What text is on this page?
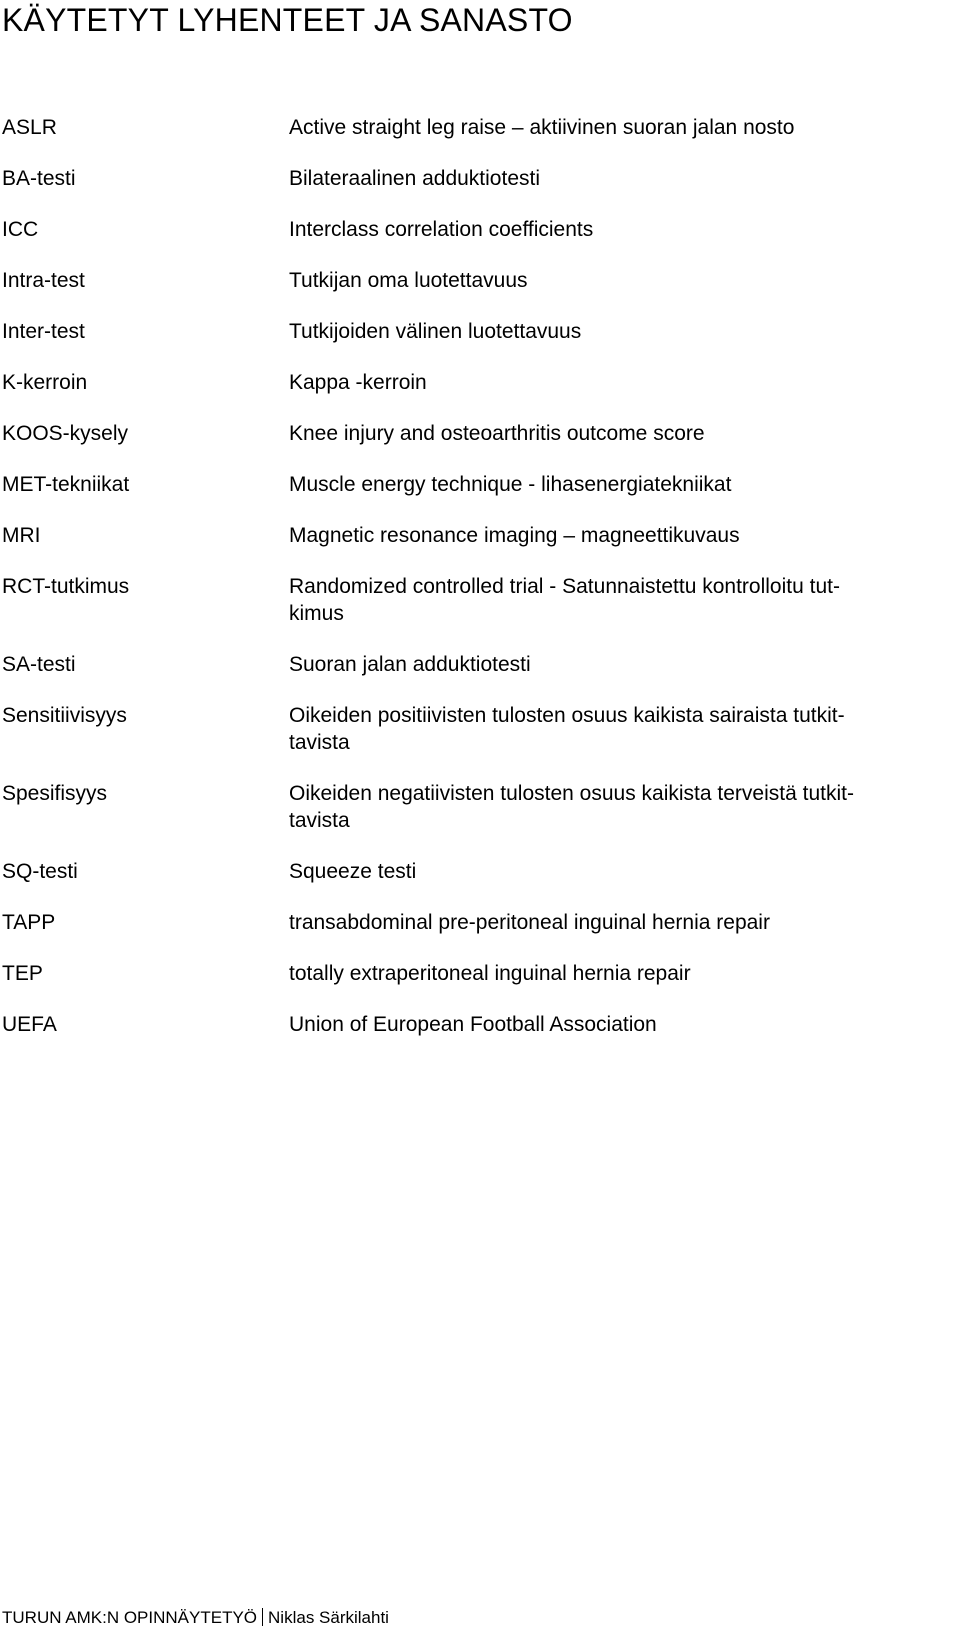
KÄYTETYT LYHENTEET JA SANASTO
ASLR	Active straight leg raise – aktiivinen suoran jalan nosto
BA-testi	Bilateraalinen adduktiotesti
ICC	Interclass correlation coefficients
Intra-test	Tutkijan oma luotettavuus
Inter-test	Tutkijoiden välinen luotettavuus
K-kerroin	Kappa -kerroin
KOOS-kysely	Knee injury and osteoarthritis outcome score
MET-tekniikat	Muscle energy technique - lihasenergiatekniikat
MRI	Magnetic resonance imaging – magneettikuvaus
RCT-tutkimus	Randomized controlled trial - Satunnaistettu kontrolloitu tut-
kimus
SA-testi	Suoran jalan adduktiotesti
Sensitiivisyys	Oikeiden positiivisten tulosten osuus kaikista sairaista tutkit-
tavista
Spesifisyys	Oikeiden negatiivisten tulosten osuus kaikista terveistä tutkit-
tavista
SQ-testi	Squeeze testi
TAPP	transabdominal pre-peritoneal inguinal hernia repair
TEP	totally extraperitoneal inguinal hernia repair
UEFA	Union of European Football Association
TURUN AMK:N OPINNÄYTETYÖ Niklas Särkilahti
